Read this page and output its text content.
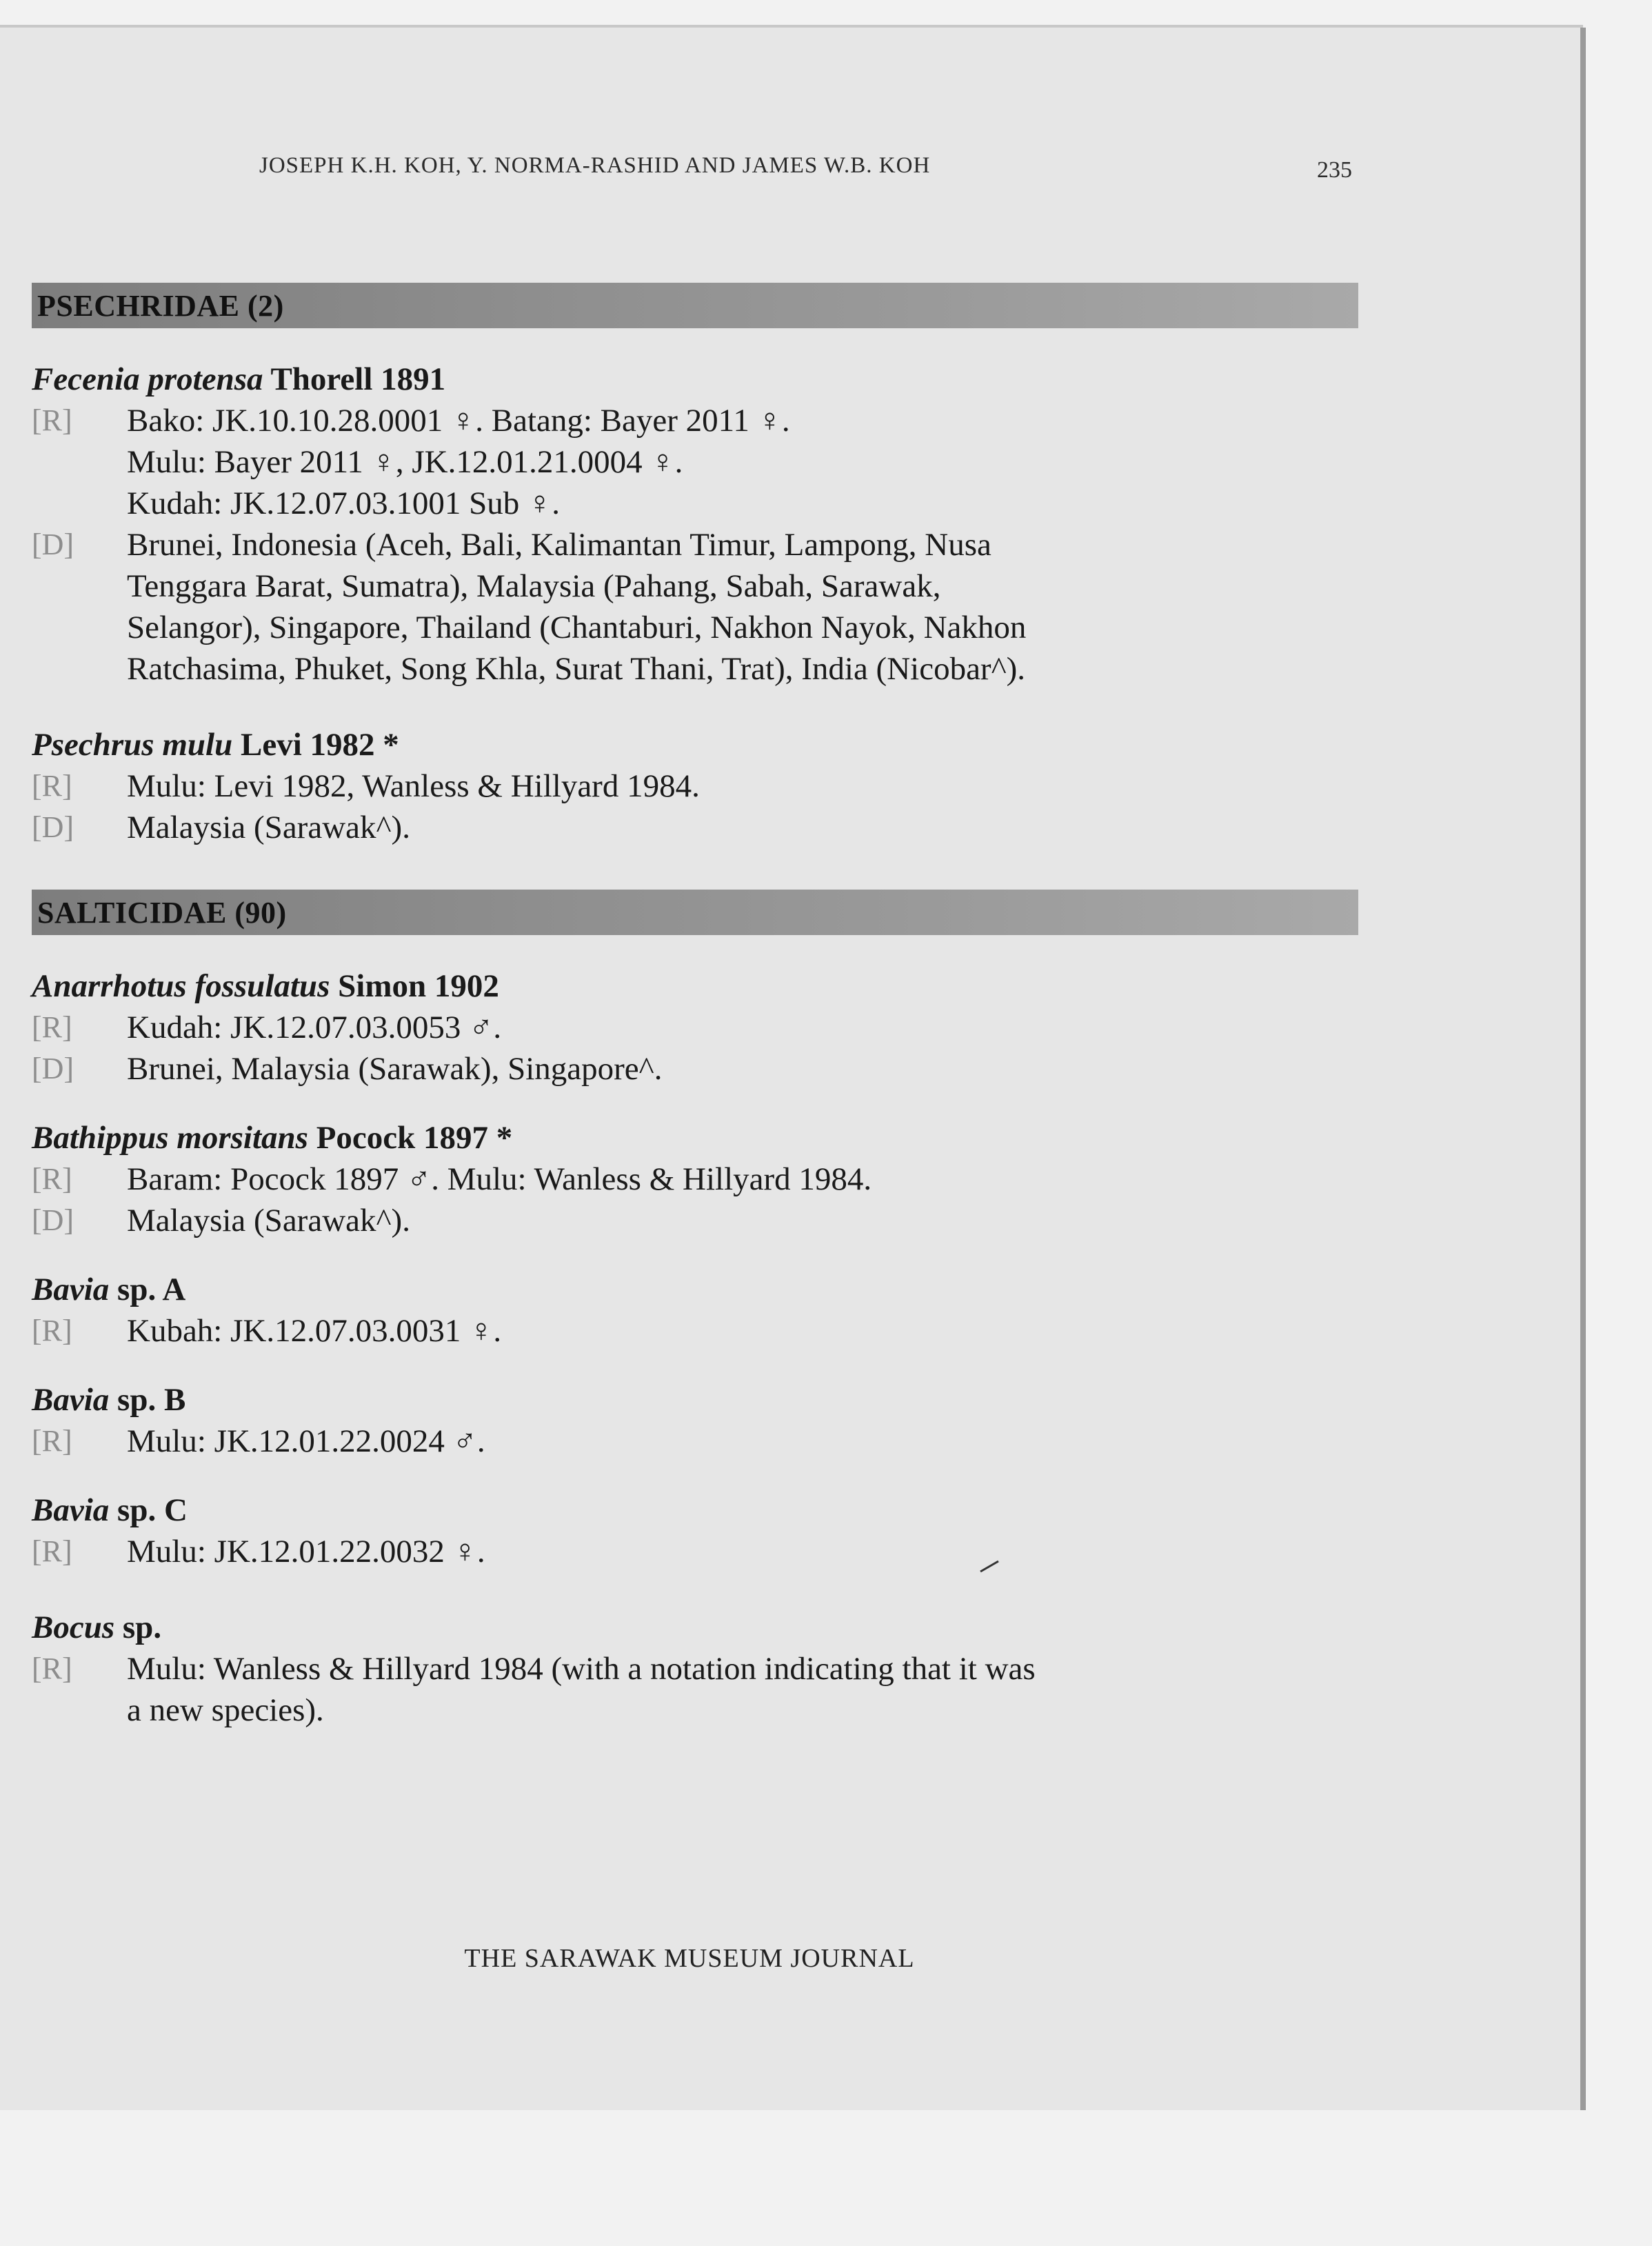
JOSEPH K.H. KOH, Y. NORMA-RASHID AND JAMES W.B. KOH	235
PSECHRIDAE (2)
Fecenia protensa Thorell 1891
[R]	Bako: JK.10.10.28.0001 ♀. Batang: Bayer 2011 ♀.
Mulu: Bayer 2011 ♀, JK.12.01.21.0004 ♀.
Kudah: JK.12.07.03.1001 Sub ♀.
[D]	Brunei, Indonesia (Aceh, Bali, Kalimantan Timur, Lampong, Nusa
Tenggara Barat, Sumatra), Malaysia (Pahang, Sabah, Sarawak,
Selangor), Singapore, Thailand (Chantaburi, Nakhon Nayok, Nakhon
Ratchasima, Phuket, Song Khla, Surat Thani, Trat), India (Nicobar^).
Psechrus mulu Levi 1982 *
[R]	Mulu: Levi 1982, Wanless & Hillyard 1984.
[D]	Malaysia (Sarawak^).
SALTICIDAE (90)
Anarrhotus fossulatus Simon 1902
[R]	Kudah: JK.12.07.03.0053 ♂.
[D]	Brunei, Malaysia (Sarawak), Singapore^.
Bathippus morsitans Pocock 1897 *
[R]	Baram: Pocock 1897 ♂. Mulu: Wanless & Hillyard 1984.
[D]	Malaysia (Sarawak^).
Bavia sp. A
[R]	Kubah: JK.12.07.03.0031 ♀.
Bavia sp. B
[R]	Mulu: JK.12.01.22.0024 ♂.
Bavia sp. C
[R]	Mulu: JK.12.01.22.0032 ♀.
Bocus sp.
[R]	Mulu: Wanless & Hillyard 1984 (with a notation indicating that it was
a new species).
THE SARAWAK MUSEUM JOURNAL
